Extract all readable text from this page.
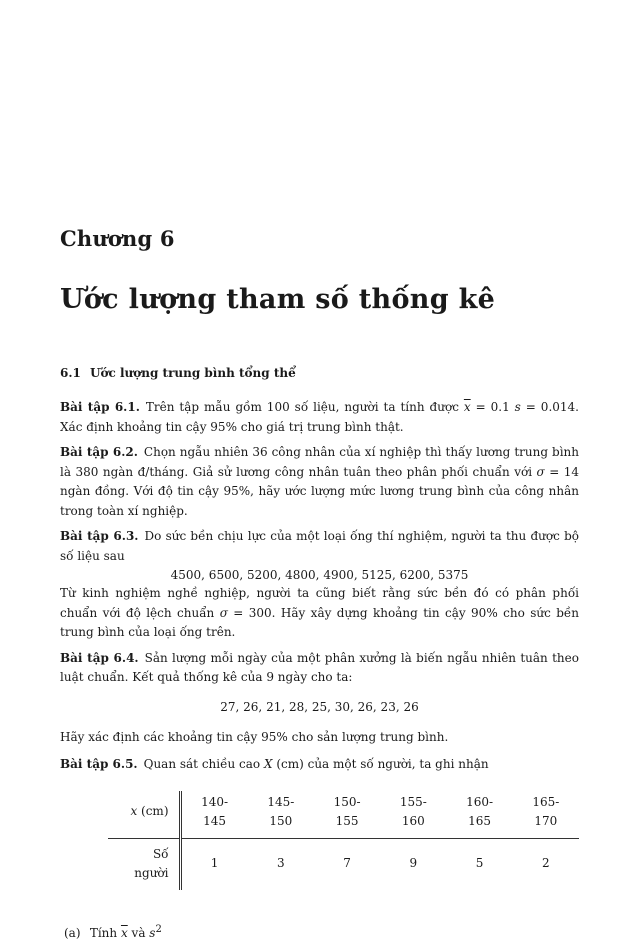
Chương 6
Ước lượng tham số thống kê
6.1 Ước lượng trung bình tổng thể

Bài tập 6.1. Trên tập mẫu gồm 100 số liệu, người ta tính được $\overline{x} = 0.1$ s = 0.014. Xác định khoảng tin cậy 95% cho giá trị trung bình thật.

Bài tập 6.2. Chọn ngẫu nhiên 36 công nhân của xí nghiệp thì thấy lương trung bình là 380 ngàn đ/tháng. Giả sử lương công nhân tuân theo phân phối chuẩn với σ = 14 ngàn đồng. Với độ tin cậy 95%, hãy ước lượng mức lương trung bình của công nhân trong toàn xí nghiệp.

Bài tập 6.3. Do sức bền chịu lực của một loại ống thí nghiệm, người ta thu được bộ số liệu sau

4500, 6500, 5200, 4800, 4900, 5125, 6200, 5375

Từ kinh nghiệm nghề nghiệp, người ta cũng biết rằng sức bền đó có phân phối chuẩn với độ lệch chuẩn σ = 300. Hãy xây dựng khoảng tin cậy 90% cho sức bền trung bình của loại ống trên.
Bài tập 6.4. Sản lượng mỗi ngày của một phân xưởng là biến ngẫu nhiên tuân theo luật chuẩn. Kết quả thống kê của 9 ngày cho ta:

27, 26, 21, 28, 25, 30, 26, 23, 26

Hãy xác định các khoảng tin cậy 95% cho sản lượng trung bình.
Bài tập 6.5. Quan sát chiều cao X (cm) của một số người, ta ghi nhận
x (cm)	140-145	145-150	150-155	155-160	160-165	165-170
Số người	1	3	7	9	5	2
(a) Tính $\overline{x}$ và $s^2$
